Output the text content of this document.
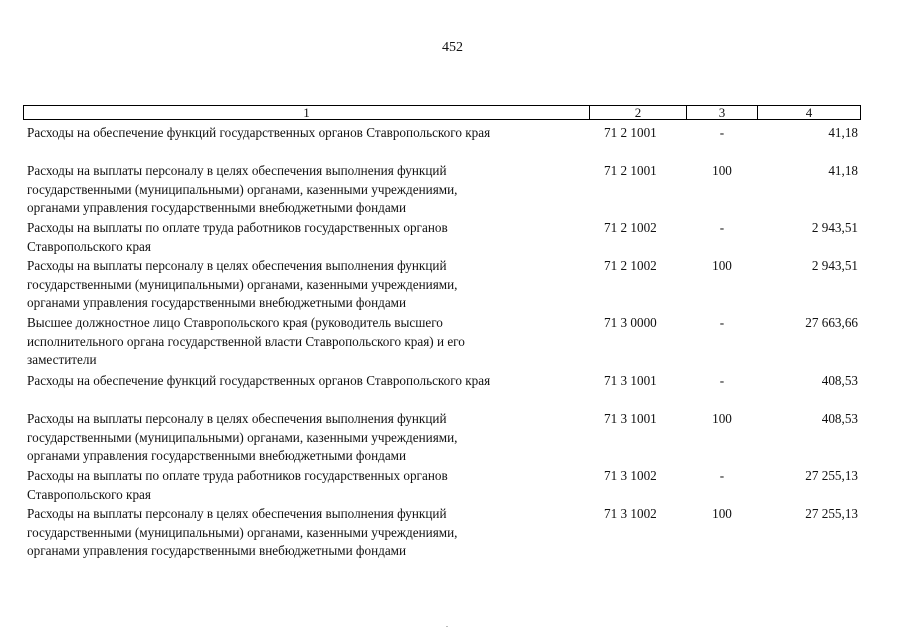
452
1	2	3	4
Расходы на обеспечение функций государственных органов Ставропольского края	71 2 1001	-	41,18
Расходы на выплаты персоналу в целях обеспечения выполнения функций
государственными (муниципальными) органами, казенными учреждениями,
органами управления государственными внебюджетными фондами
71 2 1001	100	41,18
Расходы на выплаты по оплате труда работников государственных органов
Ставропольского края
71 2 1002	-	2 943,51
Расходы на выплаты персоналу в целях обеспечения выполнения функций
государственными (муниципальными) органами, казенными учреждениями,
органами управления государственными внебюджетными фондами
71 2 1002	100	2 943,51
Высшее должностное лицо Ставропольского края (руководитель высшего
исполнительного органа государственной власти Ставропольского края) и его
заместители
71 3 0000	-	27 663,66
Расходы на обеспечение функций государственных органов Ставропольского края	71 3 1001	-	408,53
Расходы на выплаты персоналу в целях обеспечения выполнения функций
государственными (муниципальными) органами, казенными учреждениями,
органами управления государственными внебюджетными фондами
71 3 1001	100	408,53
Расходы на выплаты по оплате труда работников государственных органов
Ставропольского края
71 3 1002	-	27 255,13
Расходы на выплаты персоналу в целях обеспечения выполнения функций
государственными (муниципальными) органами, казенными учреждениями,
органами управления государственными внебюджетными фондами
71 3 1002	100	27 255,13
